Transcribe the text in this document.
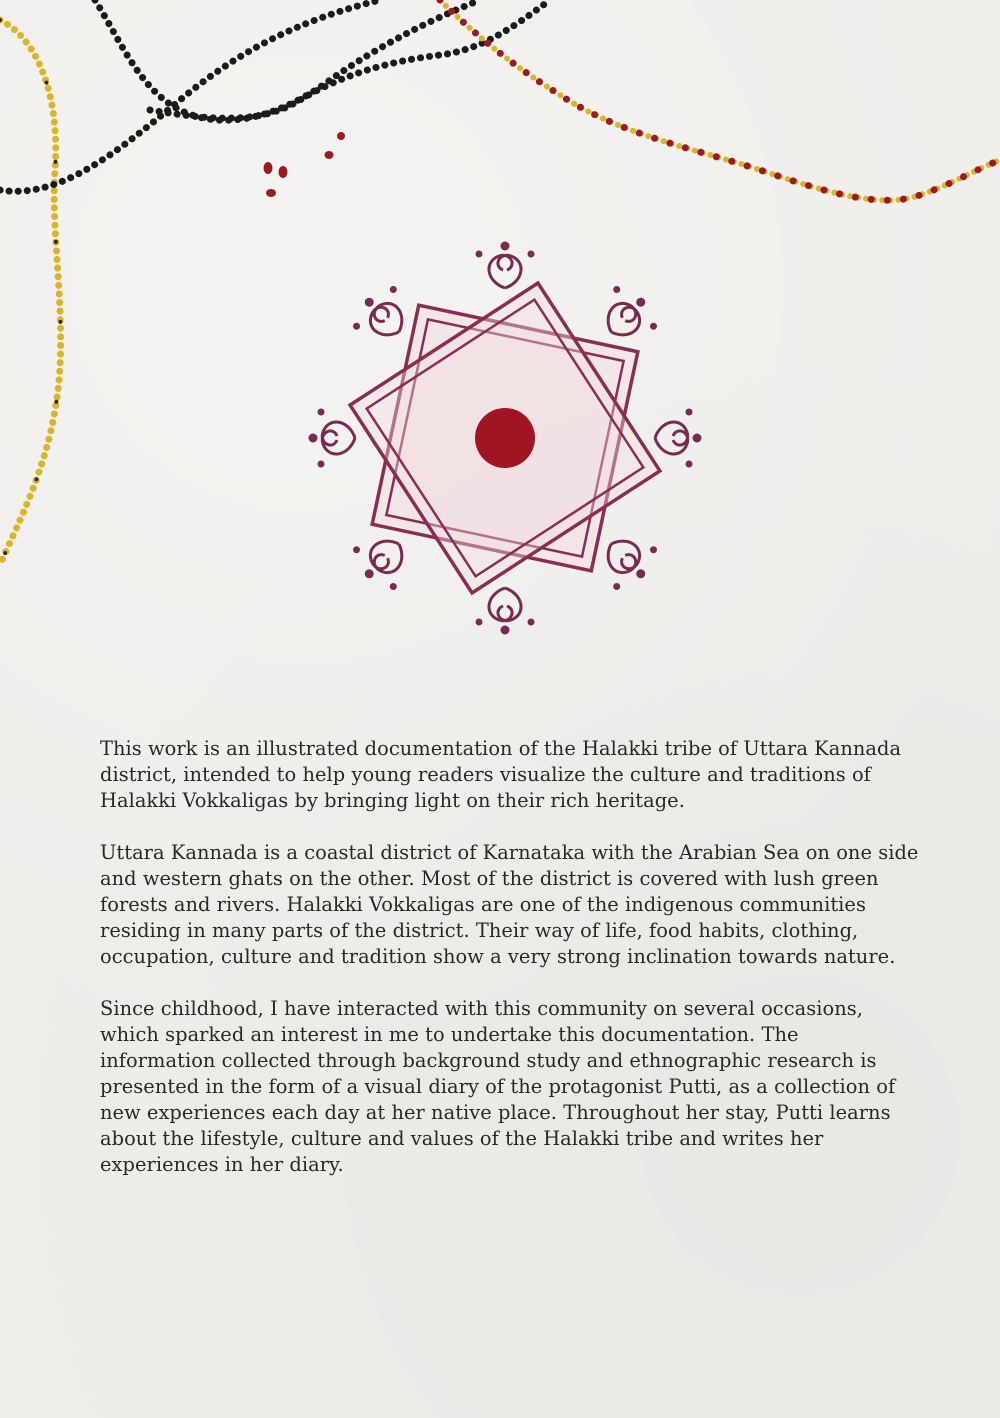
This work is an illustrated documentation of the Halakki tribe of Uttara Kannada district, intended to help young readers visualize the culture and traditions of Halakki Vokkaligas by bringing light on their rich heritage.

Uttara Kannada is a coastal district of Karnataka with the Arabian Sea on one side and western ghats on the other. Most of the district is covered with lush green forests and rivers. Halakki Vokkaligas are one of the indigenous communities residing in many parts of the district. Their way of life, food habits, clothing, occupation, culture and tradition show a very strong inclination towards nature.

Since childhood, I have interacted with this community on several occasions, which sparked an interest in me to undertake this documentation. The information collected through background study and ethnographic research is presented in the form of a visual diary of the protagonist Putti, as a collection of new experiences each day at her native place. Throughout her stay, Putti learns about the lifestyle, culture and values of the Halakki tribe and writes her experiences in her diary.
